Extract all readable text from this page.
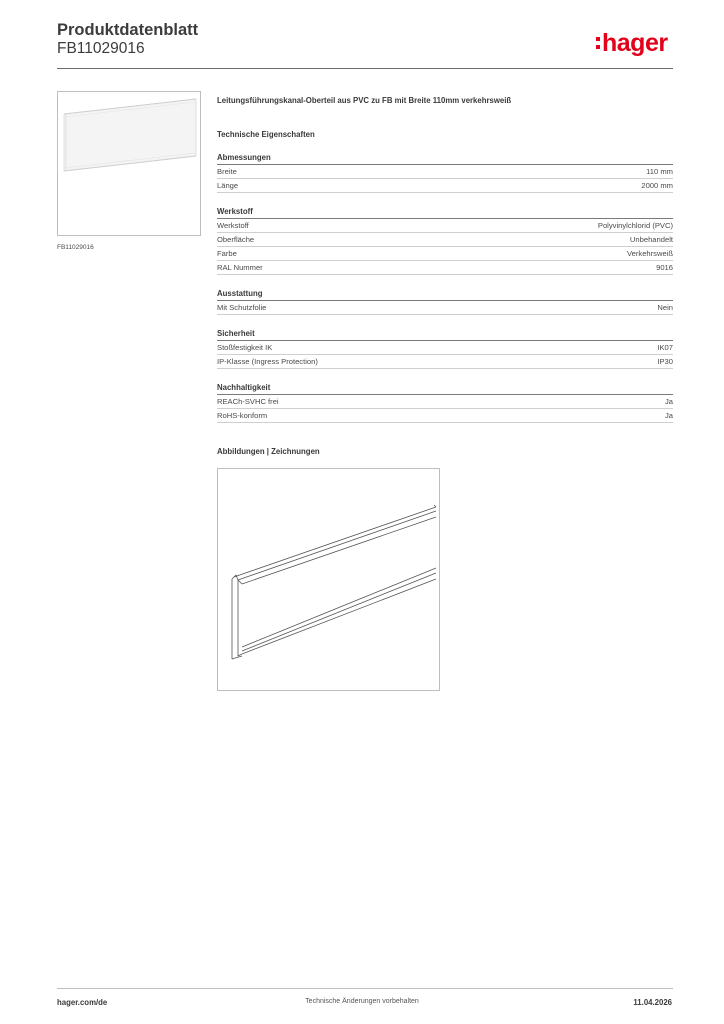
Produktdatenblatt
FB11029016	hager
FB11029016
Leitungsführungskanal-Oberteil aus PVC zu FB mit Breite 110mm verkehrsweiß
Technische Eigenschaften
Abmessungen
Breite	110 mm
Länge	2000 mm
Werkstoff
Werkstoff	Polyvinylchlorid (PVC)
Oberfläche	Unbehandelt
Farbe	Verkehrsweiß
RAL Nummer	9016
Ausstattung
Mit Schutzfolie	Nein
Sicherheit
Stoßfestigkeit IK	IK07
IP-Klasse (Ingress Protection)	IP30
Nachhaltigkeit
REACh-SVHC frei	Ja
RoHS-konform	Ja
Abbildungen | Zeichnungen
hager.com/de	Technische Änderungen vorbehalten	11.04.2026
